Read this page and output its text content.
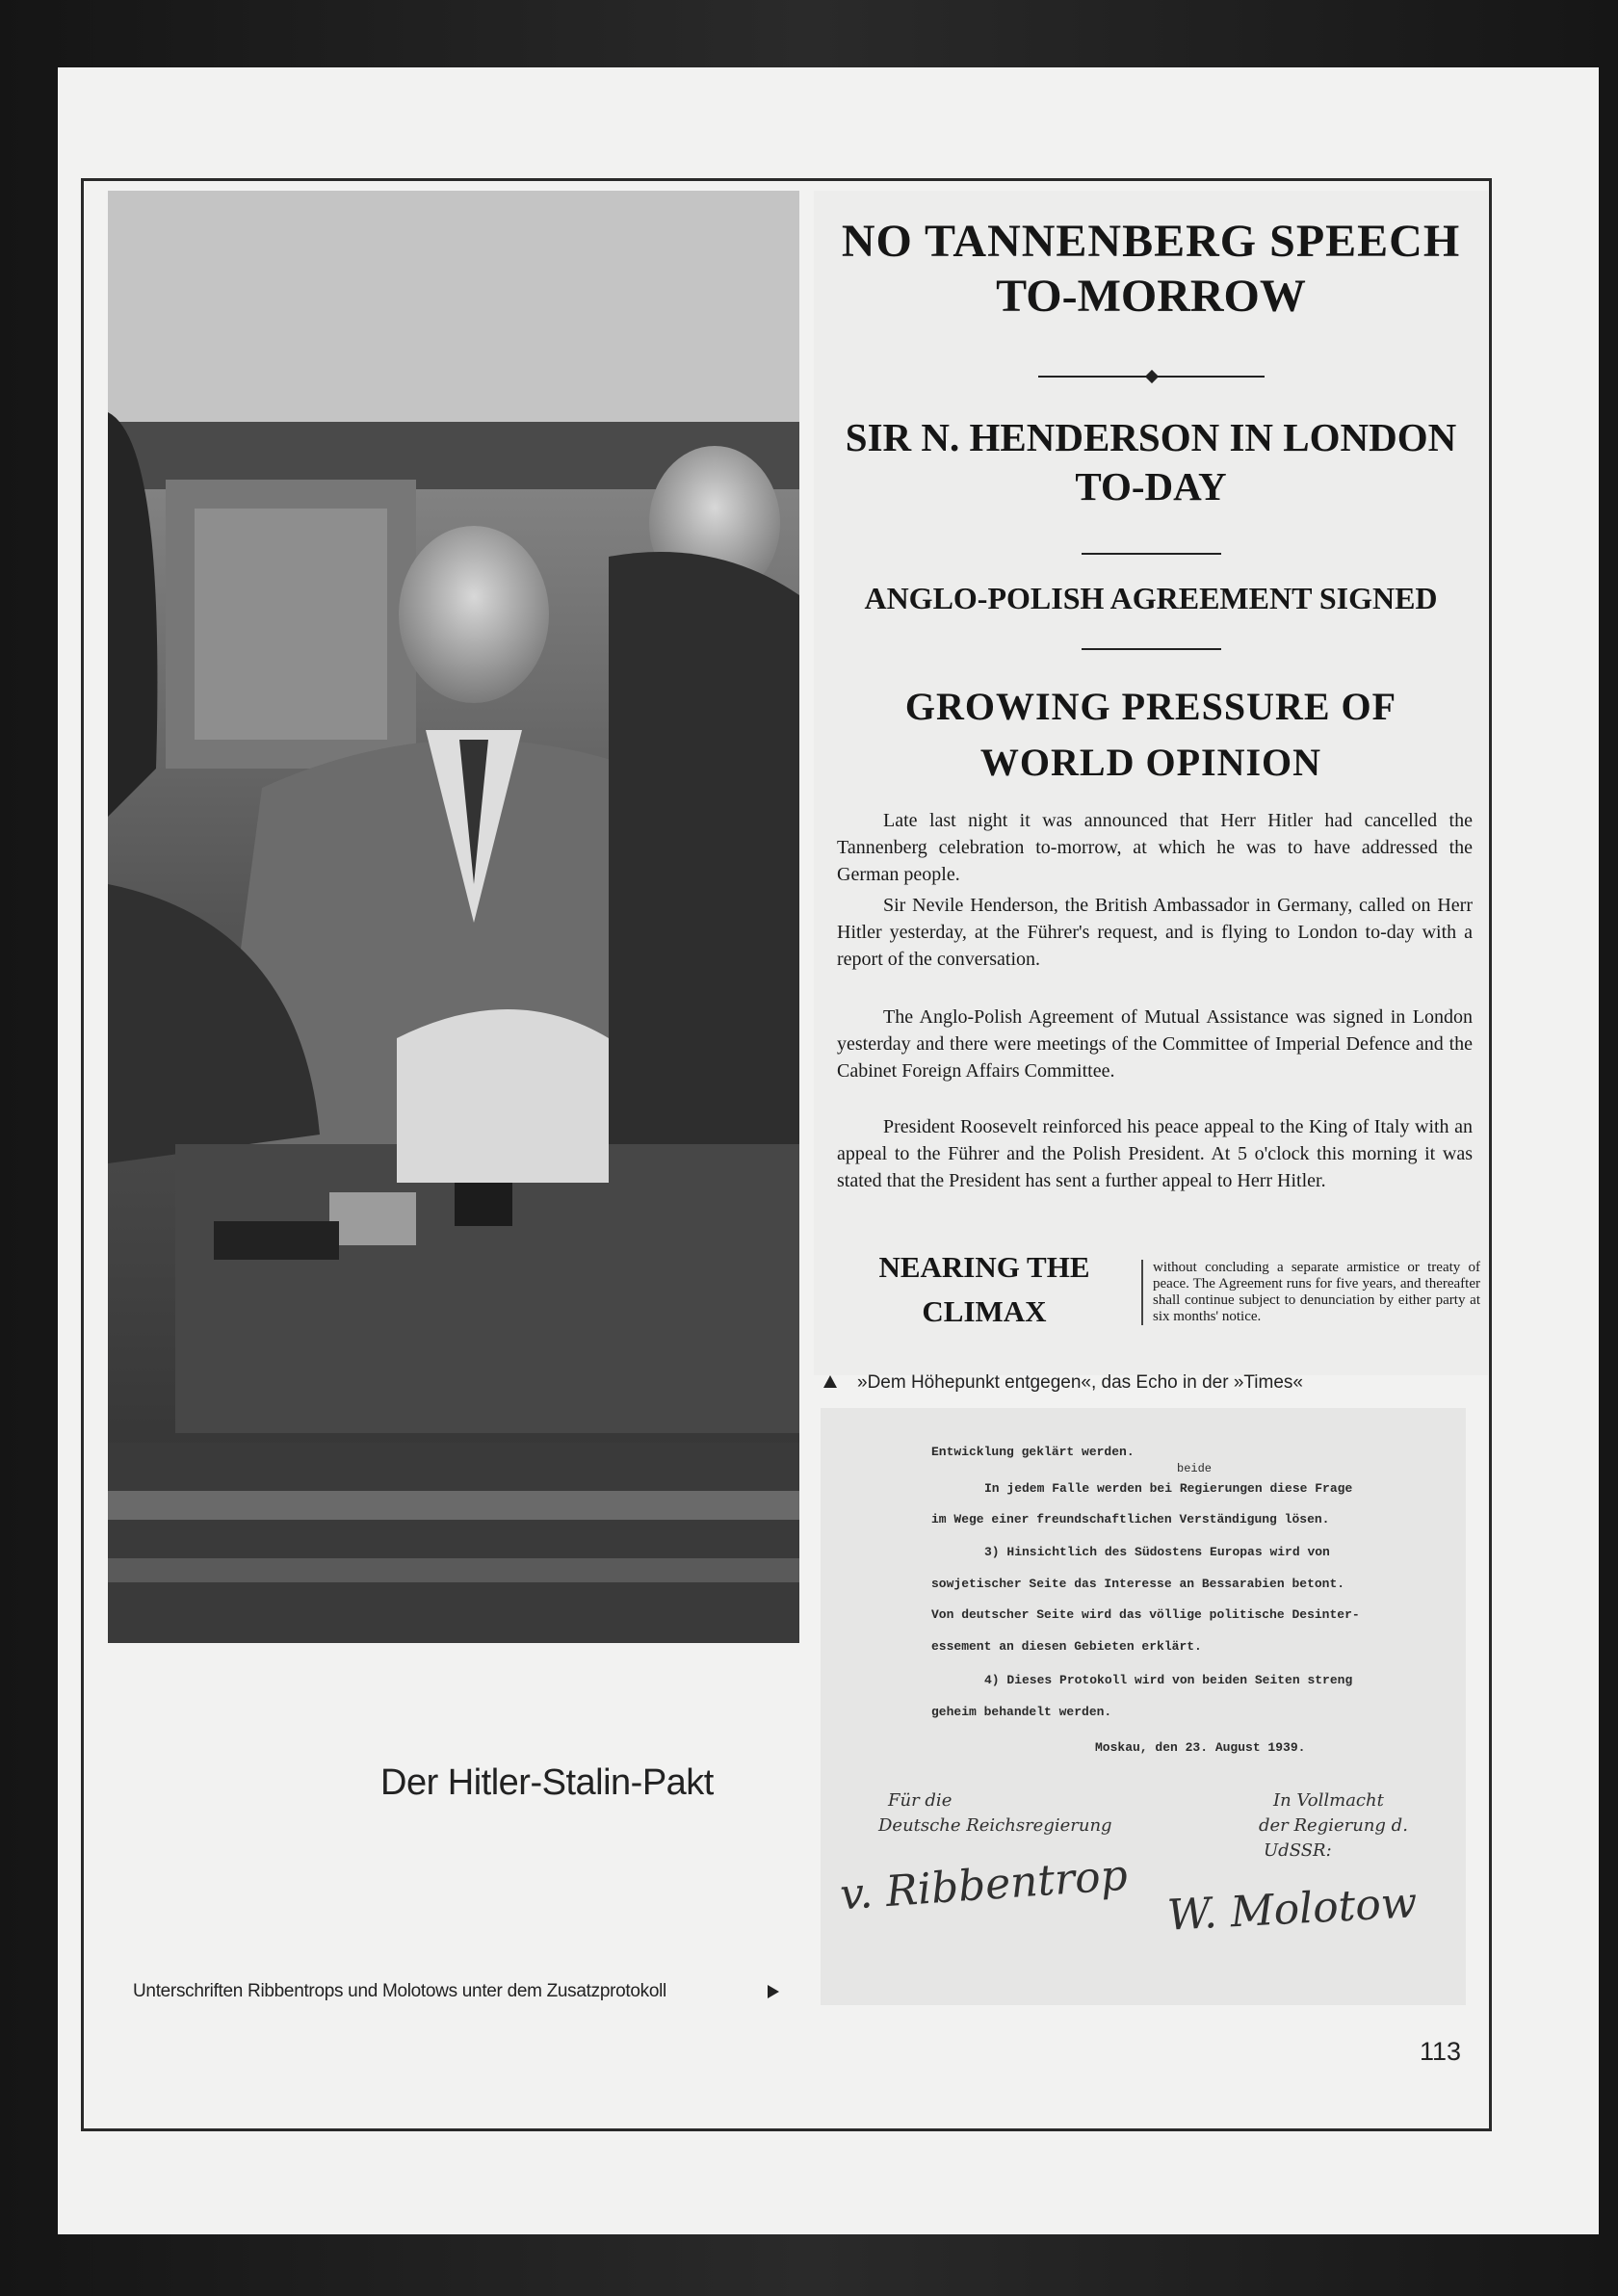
NO TANNENBERG SPEECH
TO-MORROW
SIR N. HENDERSON IN LONDON
TO-DAY
ANGLO-POLISH AGREEMENT SIGNED
GROWING PRESSURE OF
WORLD OPINION
Late last night it was announced that Herr Hitler had cancelled the Tannenberg celebration to-morrow, at which he was to have addressed the German people.
Sir Nevile Henderson, the British Ambassador in Germany, called on Herr Hitler yesterday, at the Führer's request, and is flying to London to-day with a report of the conversation.
The Anglo-Polish Agreement of Mutual Assistance was signed in London yesterday and there were meetings of the Committee of Imperial Defence and the Cabinet Foreign Affairs Committee.
President Roosevelt reinforced his peace appeal to the King of Italy with an appeal to the Führer and the Polish President. At 5 o'clock this morning it was stated that the President has sent a further appeal to Herr Hitler.
NEARING THE
CLIMAX
without concluding a separate armistice or treaty of peace. The Agreement runs for five years, and thereafter shall continue subject to denunciation by either party at six months' notice.
»Dem Höhepunkt entgegen«, das Echo in der »Times«
Entwicklung geklärt werden.
beide
In jedem Falle werden bei Regierungen diese Frage
im Wege einer freundschaftlichen Verständigung lösen.
3) Hinsichtlich des Südostens Europas wird von
sowjetischer Seite das Interesse an Bessarabien betont.
Von deutscher Seite wird das völlige politische Desinter-
essement an diesen Gebieten erklärt.
4) Dieses Protokoll wird von beiden Seiten streng
geheim behandelt werden.
Moskau, den 23. August 1939.
Für die
Deutsche Reichsregierung
v. Ribbentrop
In Vollmacht
der Regierung d.
UdSSR:
W. Molotow
Der Hitler-Stalin-Pakt
Unterschriften Ribbentrops und Molotows unter dem Zusatzprotokoll
113
